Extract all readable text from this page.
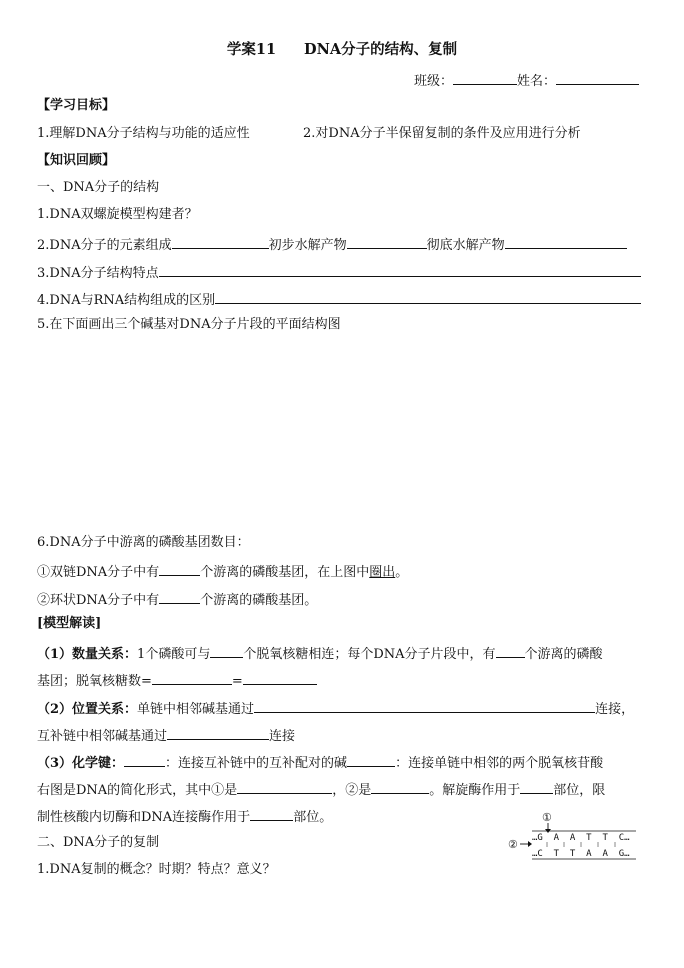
学案11 DNA分子的结构、复制
班级：	姓名：
【学习目标】
1.理解DNA分子结构与功能的适应性	2.对DNA分子半保留复制的条件及应用进行分析
【知识回顾】
一、DNA分子的结构
1.DNA双螺旋模型构建者？
2.DNA分子的元素组成	初步水解产物	彻底水解产物
3.DNA分子结构特点
4.DNA与RNA结构组成的区别
5.在下面画出三个碱基对DNA分子片段的平面结构图
6.DNA分子中游离的磷酸基团数目：
①双链DNA分子中有	个游离的磷酸基团，在上图中圈出。
②环状DNA分子中有	个游离的磷酸基团。
[模型解读]
（1）数量关系：1个磷酸可与	个脱氧核糖相连；每个DNA分子片段中，有 个游离的磷酸
基团；脱氧核糖数=	=
（2）位置关系：单链中相邻碱基通过	连接，
互补链中相邻碱基通过	连接
（3）化学键：	：连接互补链中的互补配对的碱	：连接单链中相邻的两个脱氧核苷酸
右图是DNA的简化形式，其中①是	，②是	。解旋酶作用于	部位，限
制性核酸内切酶和DNA连接酶作用于	部位。
二、DNA分子的复制
1.DNA复制的概念？时期？特点？意义？
①
② …G  A  A  T  T  C…
…C  T  T  A  A  G…
